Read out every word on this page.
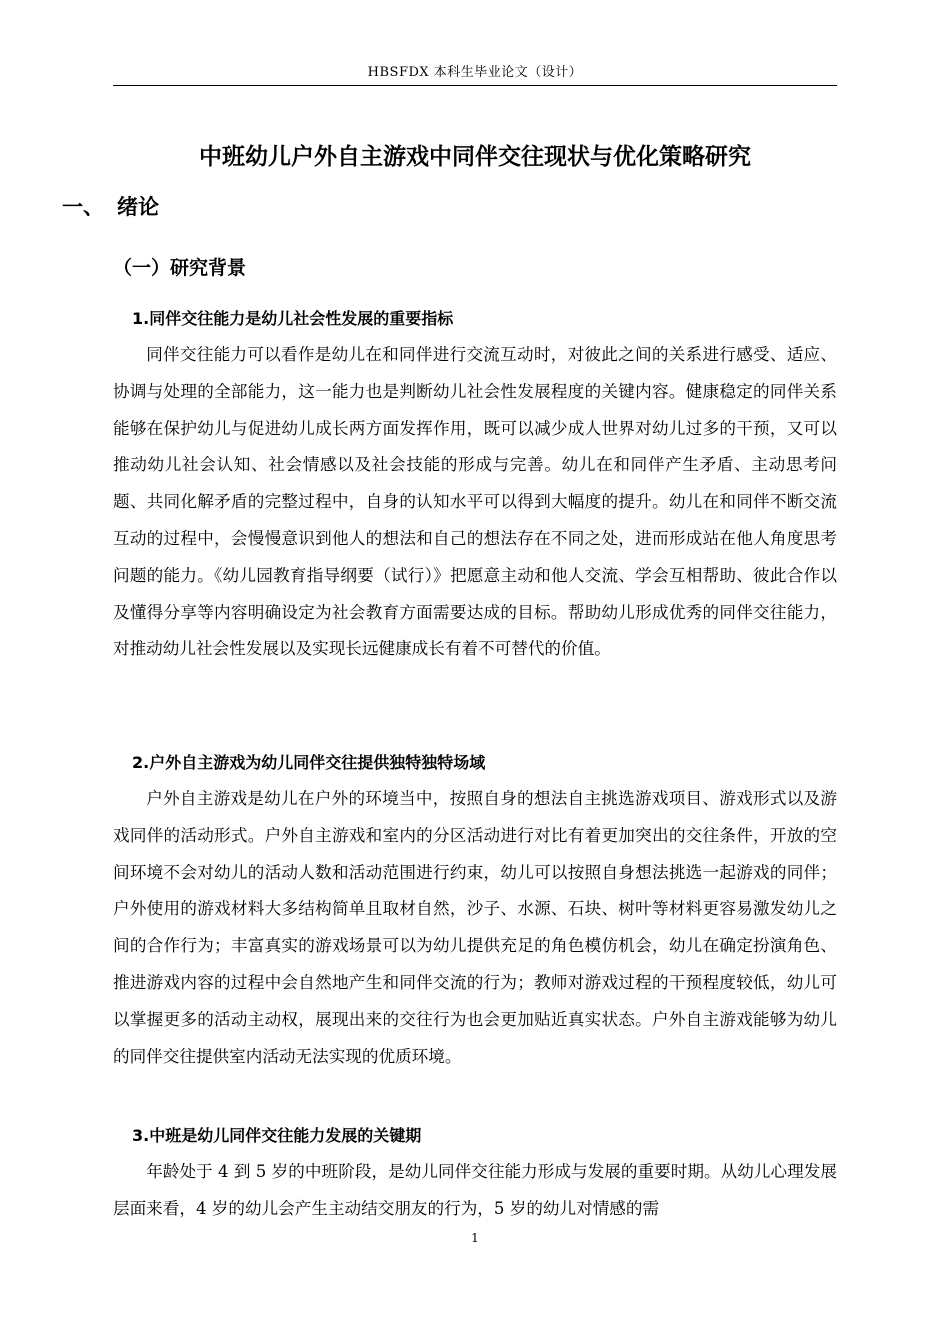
HBSFDX 本科生毕业论文（设计）
中班幼儿户外自主游戏中同伴交往现状与优化策略研究
一、 绪论
（一）研究背景
1.同伴交往能力是幼儿社会性发展的重要指标

同伴交往能力可以看作是幼儿在和同伴进行交流互动时，对彼此之间的关系进行感受、适应、协调与处理的全部能力，这一能力也是判断幼儿社会性发展程度的关键内容。健康稳定的同伴关系能够在保护幼儿与促进幼儿成长两方面发挥作用，既可以减少成人世界对幼儿过多的干预，又可以推动幼儿社会认知、社会情感以及社会技能的形成与完善。幼儿在和同伴产生矛盾、主动思考问题、共同化解矛盾的完整过程中，自身的认知水平可以得到大幅度的提升。幼儿在和同伴不断交流互动的过程中，会慢慢意识到他人的想法和自己的想法存在不同之处，进而形成站在他人角度思考问题的能力。《幼儿园教育指导纲要（试行）》把愿意主动和他人交流、学会互相帮助、彼此合作以及懂得分享等内容明确设定为社会教育方面需要达成的目标。帮助幼儿形成优秀的同伴交往能力，对推动幼儿社会性发展以及实现长远健康成长有着不可替代的价值。

2.户外自主游戏为幼儿同伴交往提供独特独特场域

户外自主游戏是幼儿在户外的环境当中，按照自身的想法自主挑选游戏项目、游戏形式以及游戏同伴的活动形式。户外自主游戏和室内的分区活动进行对比有着更加突出的交往条件，开放的空间环境不会对幼儿的活动人数和活动范围进行约束，幼儿可以按照自身想法挑选一起游戏的同伴；户外使用的游戏材料大多结构简单且取材自然，沙子、水源、石块、树叶等材料更容易激发幼儿之间的合作行为；丰富真实的游戏场景可以为幼儿提供充足的角色模仿机会，幼儿在确定扮演角色、推进游戏内容的过程中会自然地产生和同伴交流的行为；教师对游戏过程的干预程度较低，幼儿可以掌握更多的活动主动权，展现出来的交往行为也会更加贴近真实状态。户外自主游戏能够为幼儿的同伴交往提供室内活动无法实现的优质环境。

3.中班是幼儿同伴交往能力发展的关键期

年龄处于 4 到 5 岁的中班阶段，是幼儿同伴交往能力形成与发展的重要时期。从幼儿心理发展层面来看，4 岁的幼儿会产生主动结交朋友的行为，5 岁的幼儿对情感的需

1
